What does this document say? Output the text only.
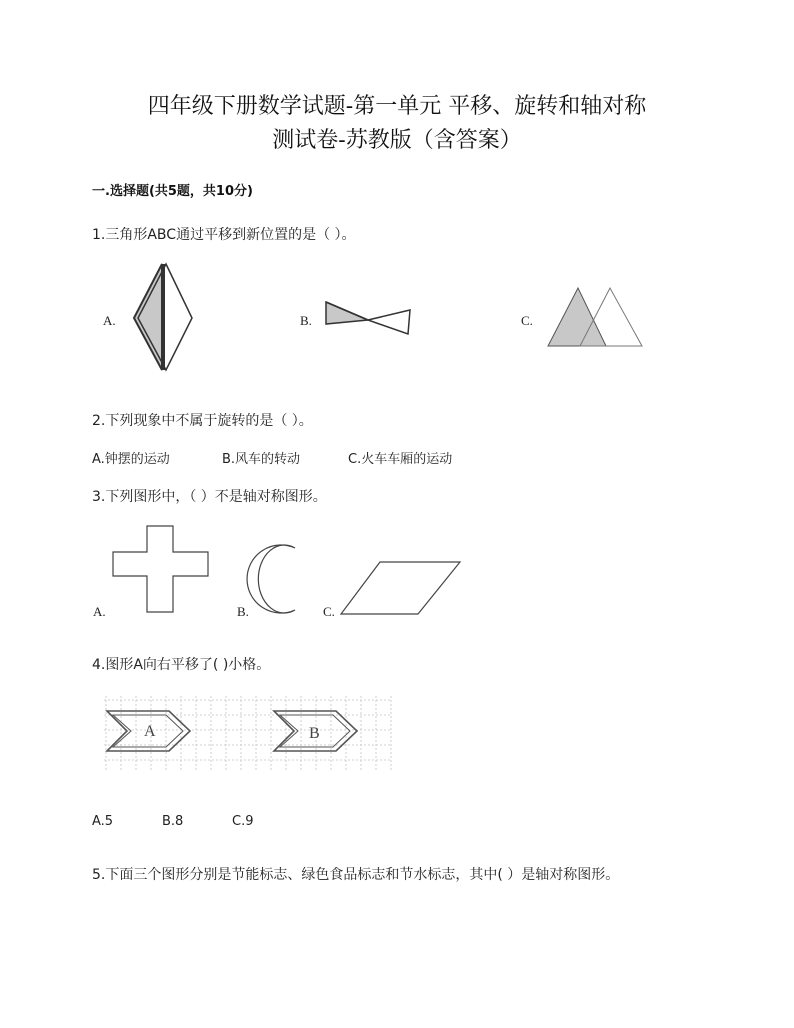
四年级下册数学试题-第一单元 平移、旋转和轴对称
测试卷-苏教版（含答案）
一.选择题(共5题，共10分)
1.三角形ABC通过平移到新位置的是（ ）。
A.	B.	C.
2.下列现象中不属于旋转的是（ ）。
A.钟摆的运动	B.风车的转动	C.火车车厢的运动
3.下列图形中，（ ）不是轴对称图形。
A.	B.	C.
4.图形A向右平移了( )小格。
A	B
A.5	B.8	C.9
5.下面三个图形分别是节能标志、绿色食品标志和节水标志，其中( ）是轴对称图形。
